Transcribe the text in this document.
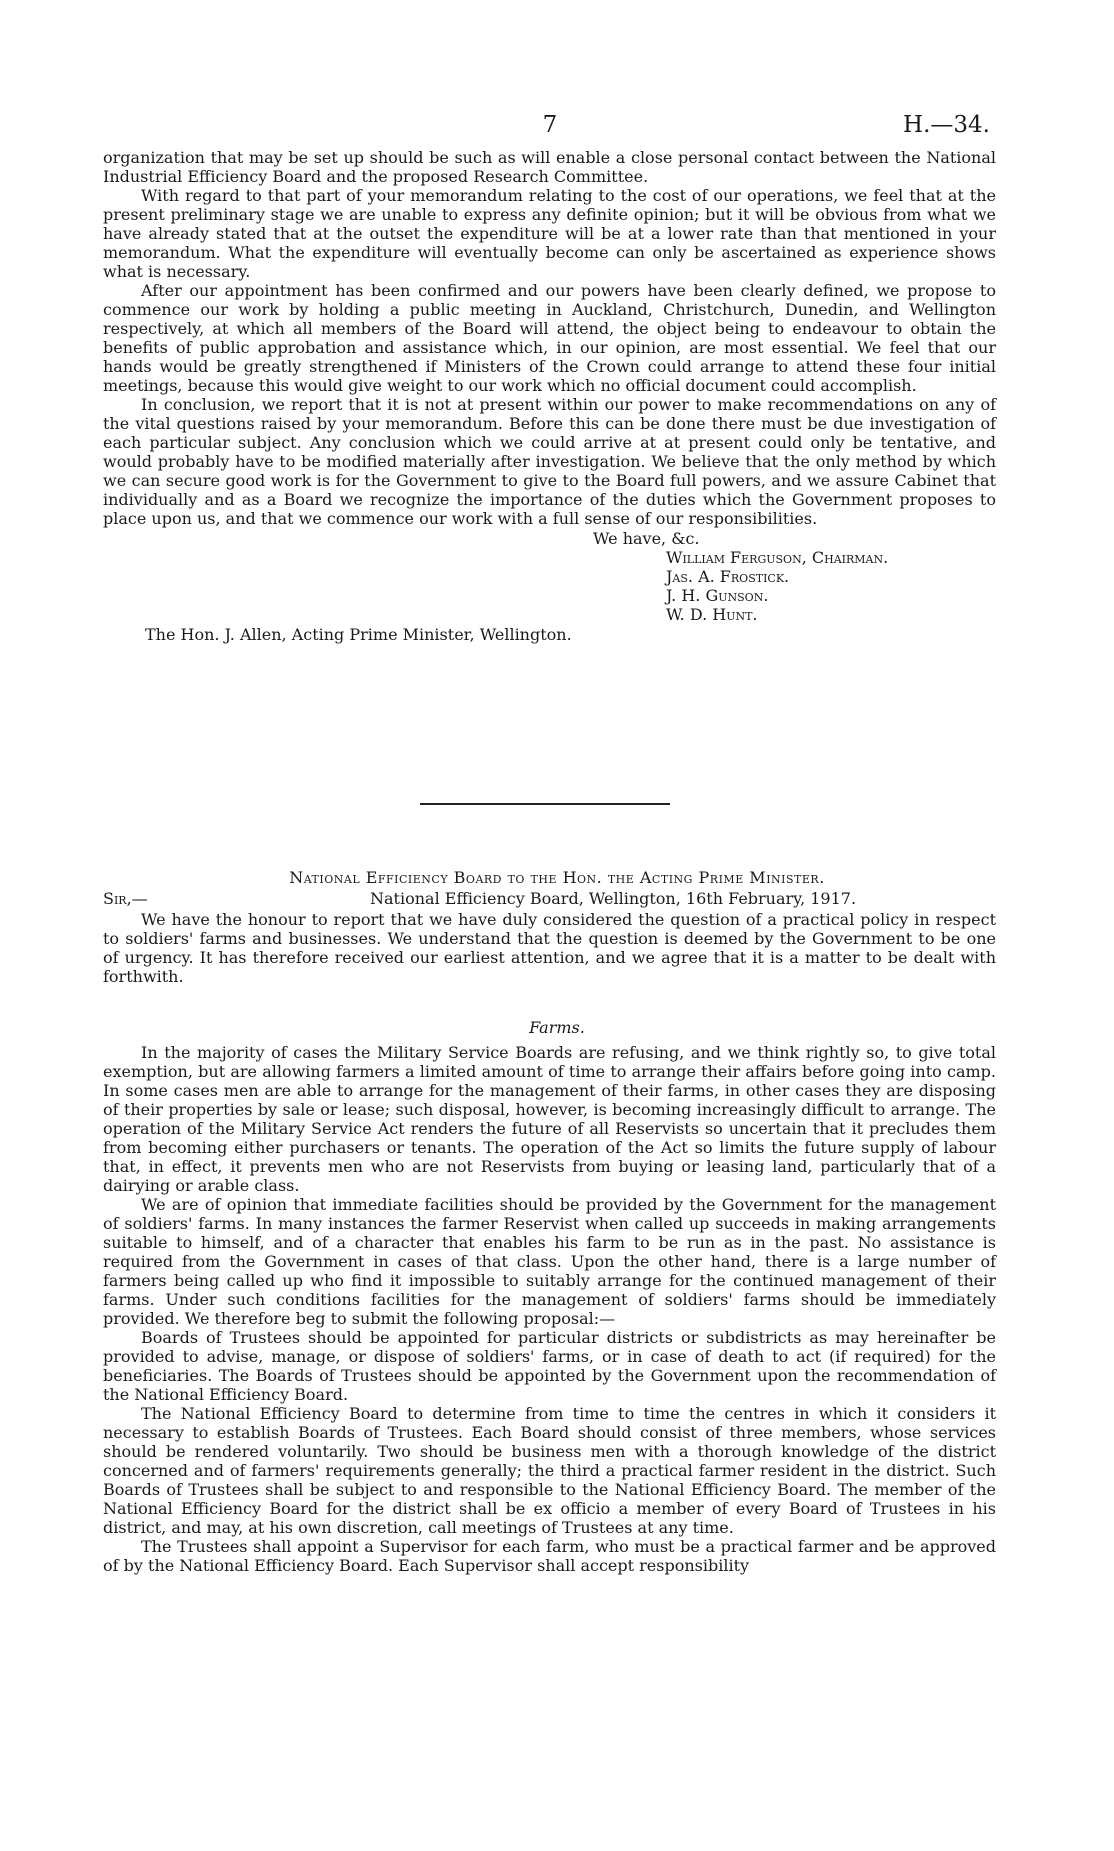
7	H.—34.

organization that may be set up should be such as will enable a close personal contact between the National Industrial Efficiency Board and the proposed Research Committee.

With regard to that part of your memorandum relating to the cost of our operations, we feel that at the present preliminary stage we are unable to express any definite opinion; but it will be obvious from what we have already stated that at the outset the expenditure will be at a lower rate than that mentioned in your memorandum. What the expenditure will eventually become can only be ascertained as experience shows what is necessary.

After our appointment has been confirmed and our powers have been clearly defined, we propose to commence our work by holding a public meeting in Auckland, Christchurch, Dunedin, and Wellington respectively, at which all members of the Board will attend, the object being to endeavour to obtain the benefits of public approbation and assistance which, in our opinion, are most essential. We feel that our hands would be greatly strengthened if Ministers of the Crown could arrange to attend these four initial meetings, because this would give weight to our work which no official document could accomplish.

In conclusion, we report that it is not at present within our power to make recommendations on any of the vital questions raised by your memorandum. Before this can be done there must be due investigation of each particular subject. Any conclusion which we could arrive at at present could only be tentative, and would probably have to be modified materially after investigation. We believe that the only method by which we can secure good work is for the Government to give to the Board full powers, and we assure Cabinet that individually and as a Board we recognize the importance of the duties which the Government proposes to place upon us, and that we commence our work with a full sense of our responsibilities.

We have, &c.
William Ferguson, Chairman.
Jas. A. Frostick.
J. H. Gunson.
W. D. Hunt.
The Hon. J. Allen, Acting Prime Minister, Wellington.
National Efficiency Board to the Hon. the Acting Prime Minister.
Sir,—	National Efficiency Board, Wellington, 16th February, 1917.

We have the honour to report that we have duly considered the question of a practical policy in respect to soldiers' farms and businesses. We understand that the question is deemed by the Government to be one of urgency. It has therefore received our earliest attention, and we agree that it is a matter to be dealt with forthwith.

Farms.

In the majority of cases the Military Service Boards are refusing, and we think rightly so, to give total exemption, but are allowing farmers a limited amount of time to arrange their affairs before going into camp. In some cases men are able to arrange for the management of their farms, in other cases they are disposing of their properties by sale or lease; such disposal, however, is becoming increasingly difficult to arrange. The operation of the Military Service Act renders the future of all Reservists so uncertain that it precludes them from becoming either purchasers or tenants. The operation of the Act so limits the future supply of labour that, in effect, it prevents men who are not Reservists from buying or leasing land, particularly that of a dairying or arable class.

We are of opinion that immediate facilities should be provided by the Government for the management of soldiers' farms. In many instances the farmer Reservist when called up succeeds in making arrangements suitable to himself, and of a character that enables his farm to be run as in the past. No assistance is required from the Government in cases of that class. Upon the other hand, there is a large number of farmers being called up who find it impossible to suitably arrange for the continued management of their farms. Under such conditions facilities for the management of soldiers' farms should be immediately provided. We therefore beg to submit the following proposal:—

Boards of Trustees should be appointed for particular districts or subdistricts as may hereinafter be provided to advise, manage, or dispose of soldiers' farms, or in case of death to act (if required) for the beneficiaries. The Boards of Trustees should be appointed by the Government upon the recommendation of the National Efficiency Board.

The National Efficiency Board to determine from time to time the centres in which it considers it necessary to establish Boards of Trustees. Each Board should consist of three members, whose services should be rendered voluntarily. Two should be business men with a thorough knowledge of the district concerned and of farmers' requirements generally; the third a practical farmer resident in the district. Such Boards of Trustees shall be subject to and responsible to the National Efficiency Board. The member of the National Efficiency Board for the district shall be ex officio a member of every Board of Trustees in his district, and may, at his own discretion, call meetings of Trustees at any time.

The Trustees shall appoint a Supervisor for each farm, who must be a practical farmer and be approved of by the National Efficiency Board. Each Supervisor shall accept responsibility
